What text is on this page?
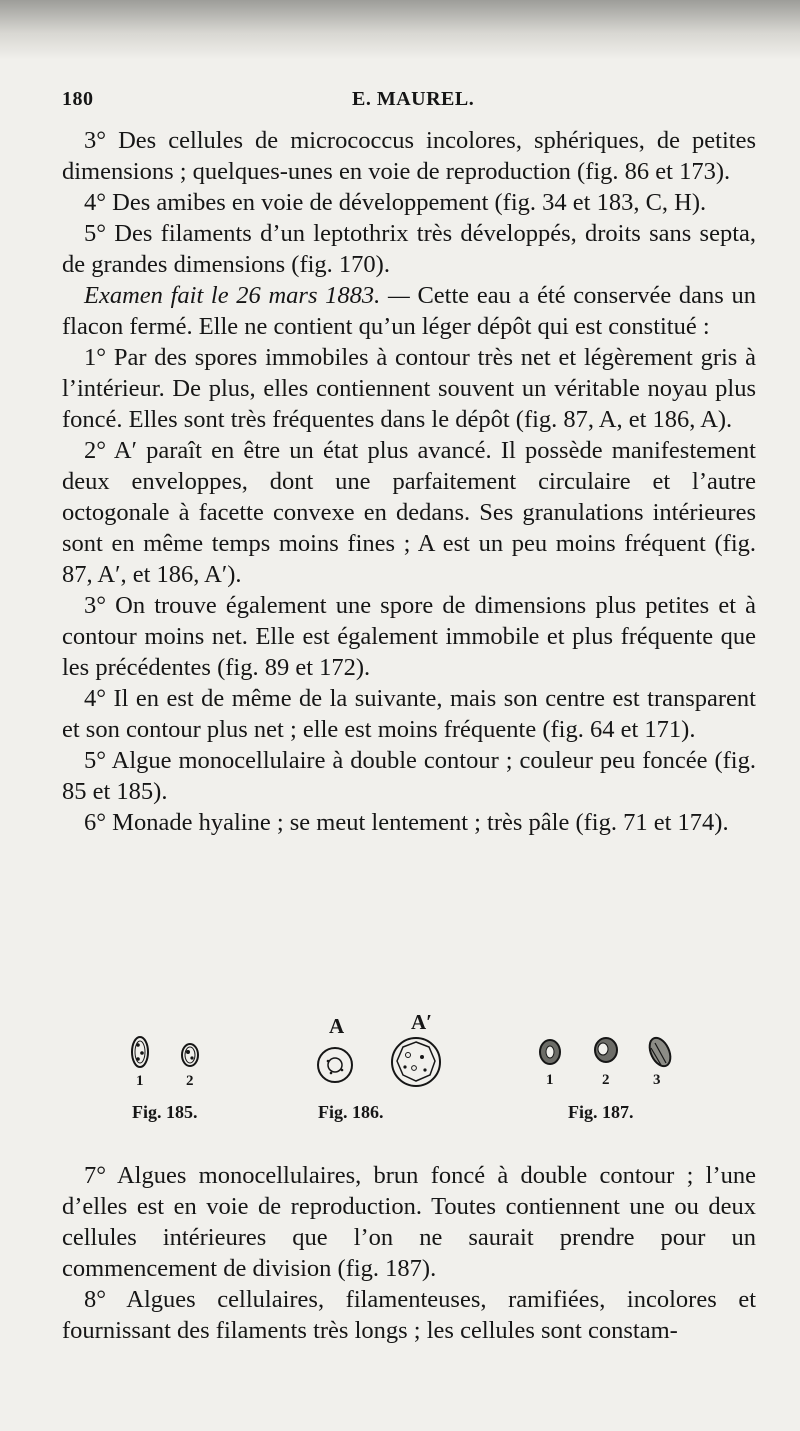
180	E. MAUREL.

3° Des cellules de micrococcus incolores, sphériques, de petites dimensions ; quelques-unes en voie de reproduction (fig. 86 et 173).

4° Des amibes en voie de développement (fig. 34 et 183, C, H).

5° Des filaments d’un leptothrix très développés, droits sans septa, de grandes dimensions (fig. 170).

Examen fait le 26 mars 1883. — Cette eau a été conservée dans un flacon fermé. Elle ne contient qu’un léger dépôt qui est constitué :

1° Par des spores immobiles à contour très net et légèrement gris à l’intérieur. De plus, elles contiennent souvent un véritable noyau plus foncé. Elles sont très fréquentes dans le dépôt (fig. 87, A, et 186, A).

2° A′ paraît en être un état plus avancé. Il possède manifestement deux enveloppes, dont une parfaitement circulaire et l’autre octogonale à facette convexe en dedans. Ses granulations intérieures sont en même temps moins fines ; A est un peu moins fréquent (fig. 87, A′, et 186, A′).

3° On trouve également une spore de dimensions plus petites et à contour moins net. Elle est également immobile et plus fréquente que les précédentes (fig. 89 et 172).

4° Il en est de même de la suivante, mais son centre est transparent et son contour plus net ; elle est moins fréquente (fig. 64 et 171).

5° Algue monocellulaire à double contour ; couleur peu foncée (fig. 85 et 185).

6° Monade hyaline ; se meut lentement ; très pâle (fig. 71 et 174).

1	2
Fig. 185.
A	A′
Fig. 186.
1	2	3
Fig. 187.

7° Algues monocellulaires, brun foncé à double contour ; l’une d’elles est en voie de reproduction. Toutes contiennent une ou deux cellules intérieures que l’on ne saurait prendre pour un commencement de division (fig. 187).

8° Algues cellulaires, filamenteuses, ramifiées, incolores et fournissant des filaments très longs ; les cellules sont constam-
